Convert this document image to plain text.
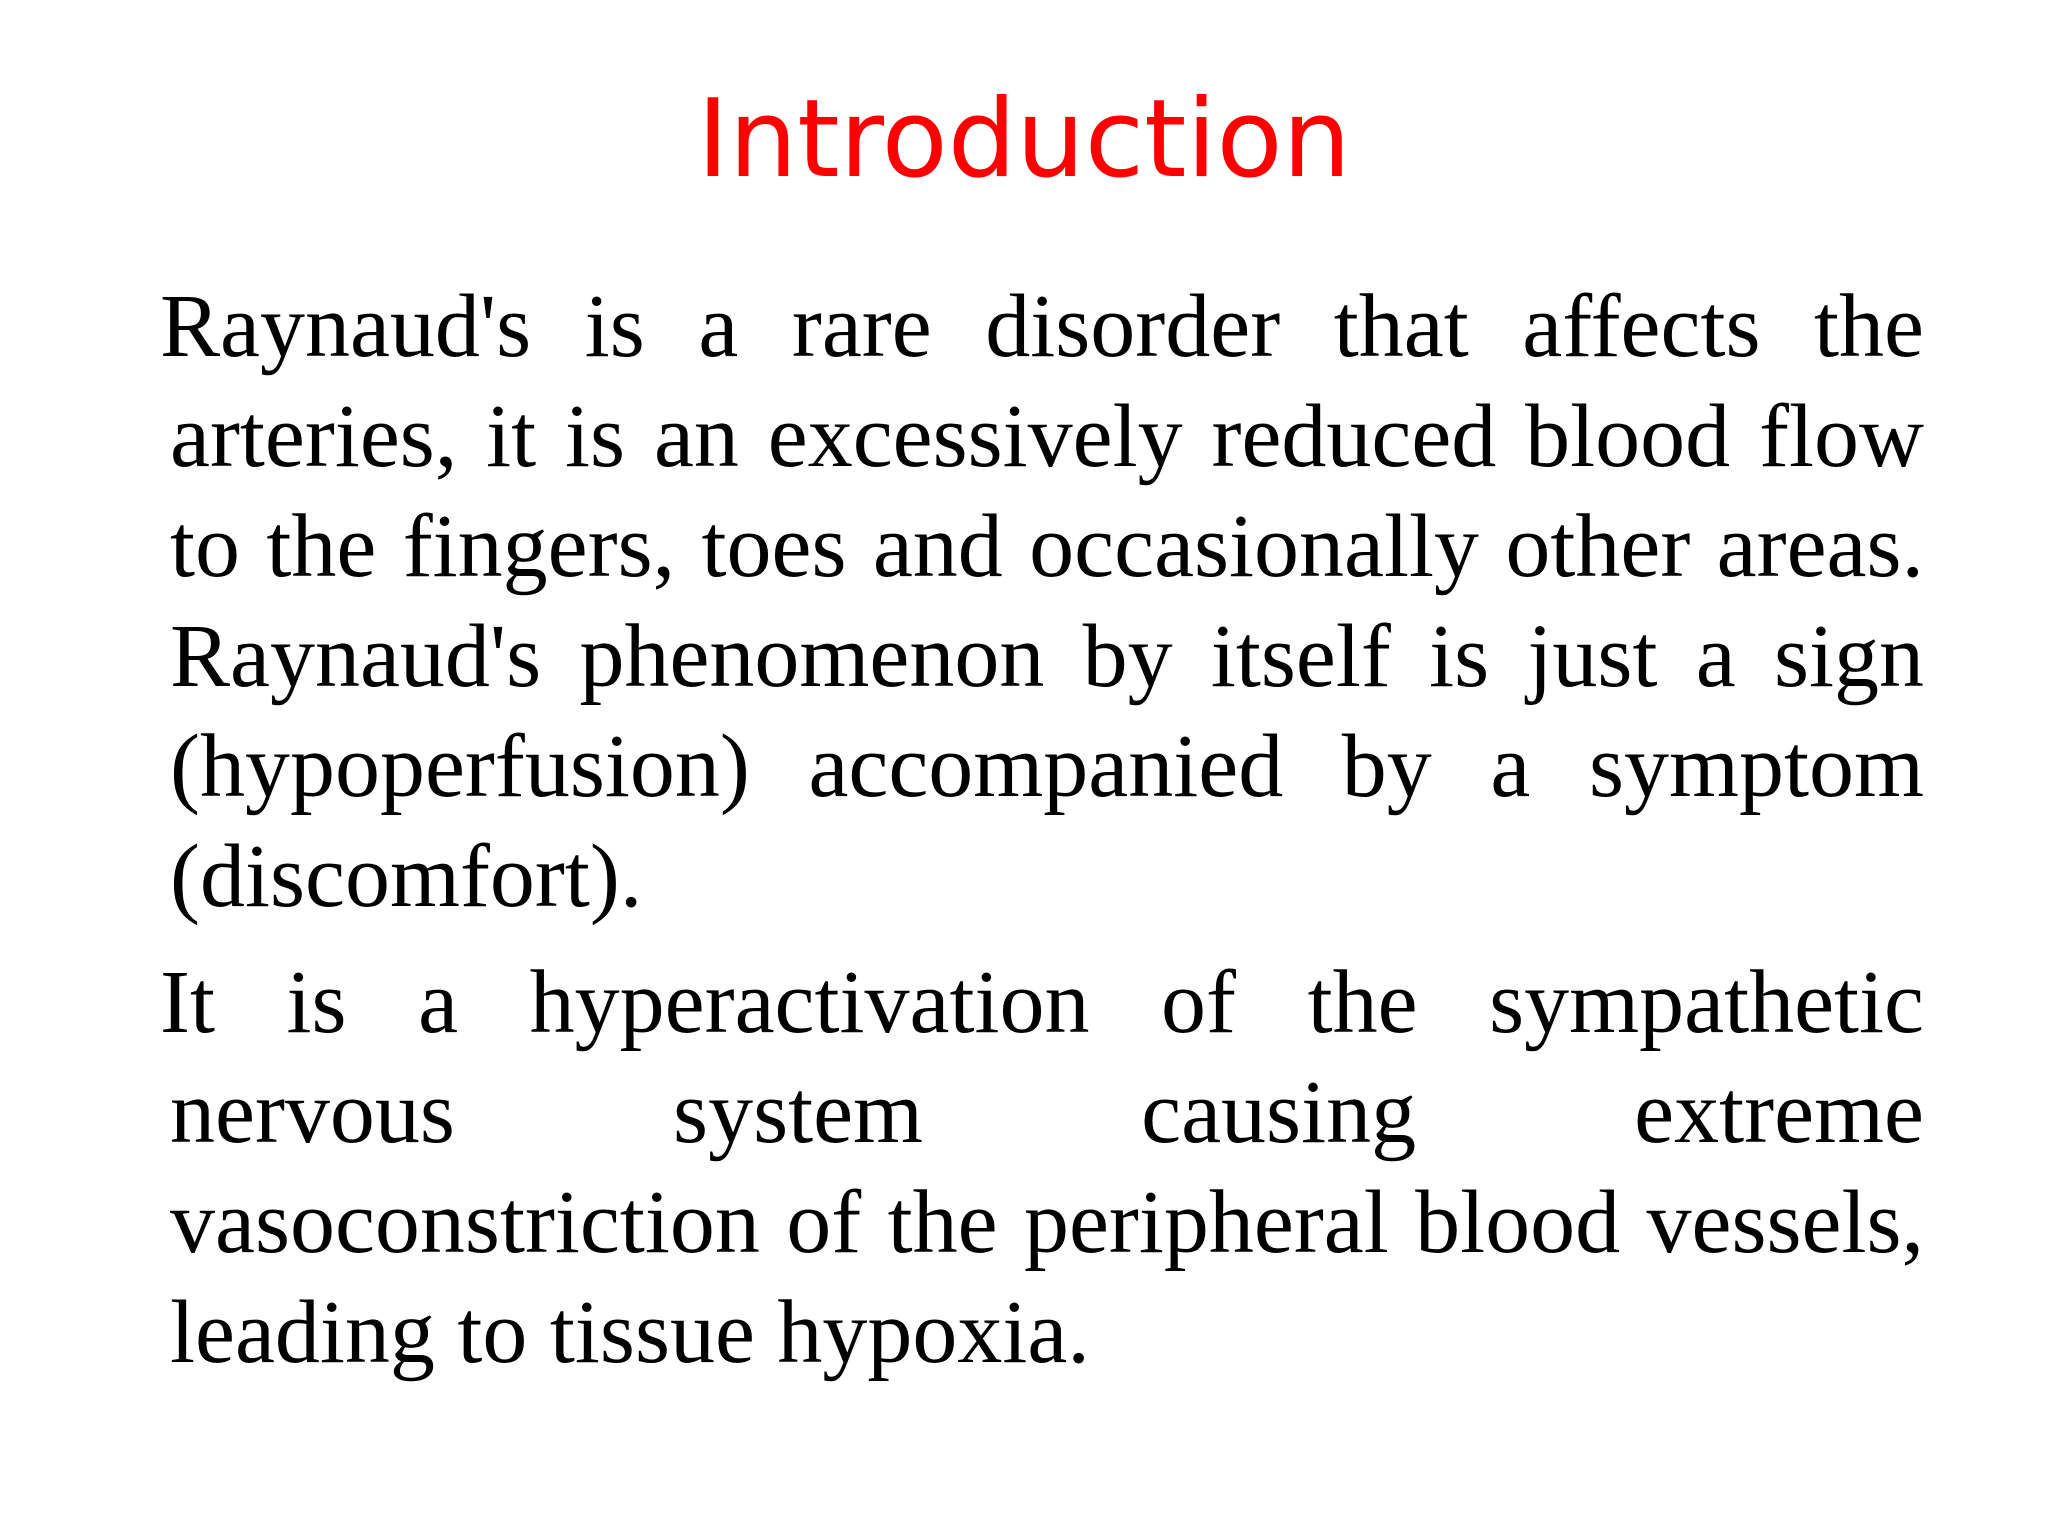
Introduction

Raynaud's is a rare disorder that affects the arteries, it is an excessively reduced blood flow to the fingers, toes and occasionally other areas. Raynaud's phenomenon by itself is just a sign (hypoperfusion) accompanied by a symptom (discomfort).

It is a hyperactivation of the sympathetic nervous system causing extreme vasoconstriction of the peripheral blood vessels, leading to tissue hypoxia.
